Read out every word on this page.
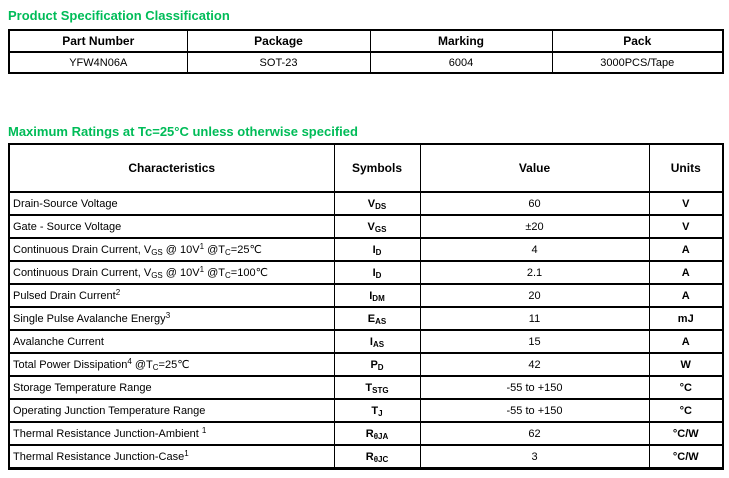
Product Specification Classification
Part Number	Package	Marking	Pack
YFW4N06A	SOT-23	6004	3000PCS/Tape
Maximum Ratings at Tc=25°C unless otherwise specified
Characteristics	Symbols	Value	Units
Drain-Source Voltage	$V_{DS}$	60	V
Gate - Source Voltage	$V_{GS}$	±20	V
Continuous Drain Current, $V_{GS}$ @ $10V^1$ $@T_C=25℃$	$I_D$	4	A
Continuous Drain Current, $V_{GS}$ @ $10V^1$ $@T_C=100℃$	$I_D$	2.1	A
Pulsed Drain Current$^2$	$I_{DM}$	20	A
Single Pulse Avalanche Energy$^3$	$E_{AS}$	11	mJ
Avalanche Current	$I_{AS}$	15	A
Total Power Dissipation$^4$ $@T_C=25℃$	$P_D$	42	W
Storage Temperature Range	$T_{STG}$	-55 to +150	°C
Operating Junction Temperature Range	$T_J$	-55 to +150	°C
Thermal Resistance Junction-Ambient $^1$	$R_{\theta JA}$	62	°C/W
Thermal Resistance Junction-Case$^1$	$R_{\theta JC}$	3	°C/W
